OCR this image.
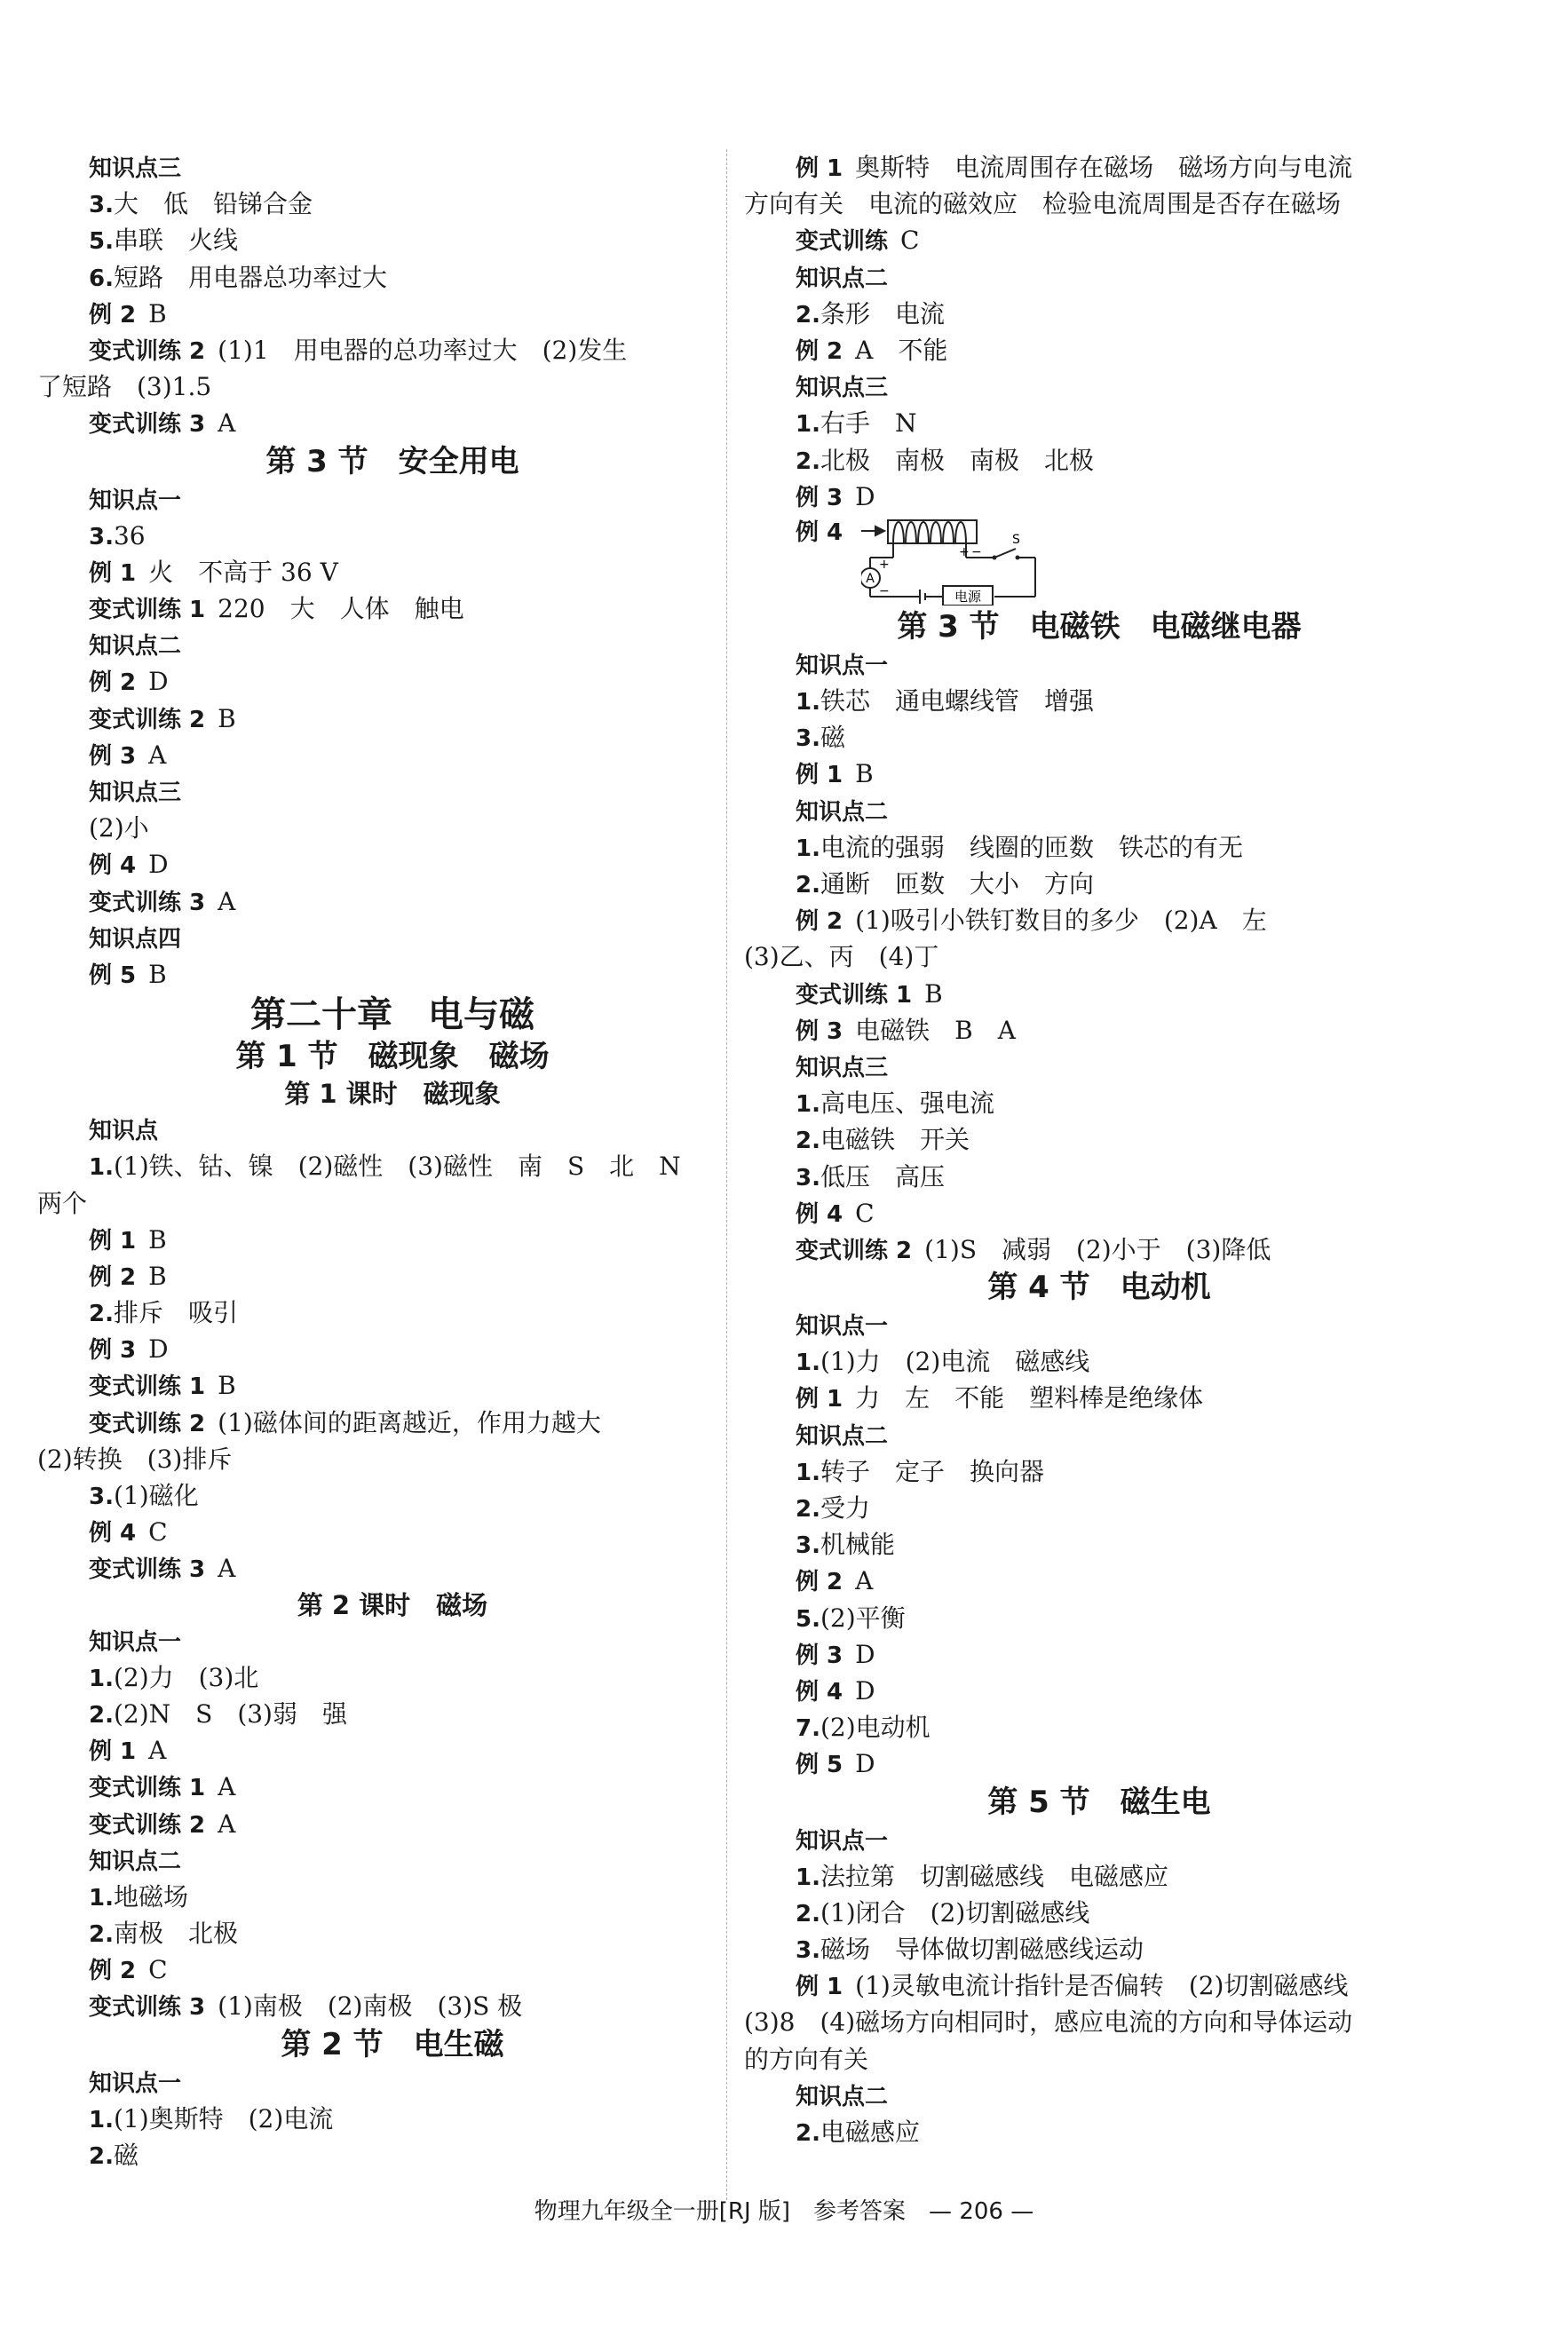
知识点三
3.大　低　铅锑合金
5.串联　火线
6.短路　用电器总功率过大
例 2 B
变式训练 2 (1)1　用电器的总功率过大　(2)发生
了短路　(3)1.5
变式训练 3 A
第 3 节　安全用电
知识点一
3.36
例 1 火　不高于 36 V
变式训练 1 220　大　人体　触电
知识点二
例 2 D
变式训练 2 B
例 3 A
知识点三
(2)小
例 4 D
变式训练 3 A
知识点四
例 5 B
第二十章　电与磁
第 1 节　磁现象　磁场
第 1 课时　磁现象
知识点
1.(1)铁、钴、镍　(2)磁性　(3)磁性　南　S　北　N
两个
例 1 B
例 2 B
2.排斥　吸引
例 3 D
变式训练 1 B
变式训练 2 (1)磁体间的距离越近，作用力越大
(2)转换　(3)排斥
3.(1)磁化
例 4 C
变式训练 3 A
第 2 课时　磁场
知识点一
1.(2)力　(3)北
2.(2)N　S　(3)弱　强
例 1 A
变式训练 1 A
变式训练 2 A
知识点二
1.地磁场
2.南极　北极
例 2 C
变式训练 3 (1)南极　(2)南极　(3)S 极
第 2 节　电生磁
知识点一
1.(1)奥斯特　(2)电流
2.磁
例 1 奥斯特　电流周围存在磁场　磁场方向与电流
方向有关　电流的磁效应　检验电流周围是否存在磁场
变式训练 C
知识点二
2.条形　电流
例 2 A　不能
知识点三
1.右手　N
2.北极　南极　南极　北极
例 3 D
例 4
A
S
电源
+
−
+ −
第 3 节　电磁铁　电磁继电器
知识点一
1.铁芯　通电螺线管　增强
3.磁
例 1 B
知识点二
1.电流的强弱　线圈的匝数　铁芯的有无
2.通断　匝数　大小　方向
例 2 (1)吸引小铁钉数目的多少　(2)A　左
(3)乙、丙　(4)丁
变式训练 1 B
例 3 电磁铁　B　A
知识点三
1.高电压、强电流
2.电磁铁　开关
3.低压　高压
例 4 C
变式训练 2 (1)S　减弱　(2)小于　(3)降低
第 4 节　电动机
知识点一
1.(1)力　(2)电流　磁感线
例 1 力　左　不能　塑料棒是绝缘体
知识点二
1.转子　定子　换向器
2.受力
3.机械能
例 2 A
5.(2)平衡
例 3 D
例 4 D
7.(2)电动机
例 5 D
第 5 节　磁生电
知识点一
1.法拉第　切割磁感线　电磁感应
2.(1)闭合　(2)切割磁感线
3.磁场　导体做切割磁感线运动
例 1 (1)灵敏电流计指针是否偏转　(2)切割磁感线
(3)8　(4)磁场方向相同时，感应电流的方向和导体运动
的方向有关
知识点二
2.电磁感应
物理九年级全一册[RJ 版]　参考答案　— 206 —
